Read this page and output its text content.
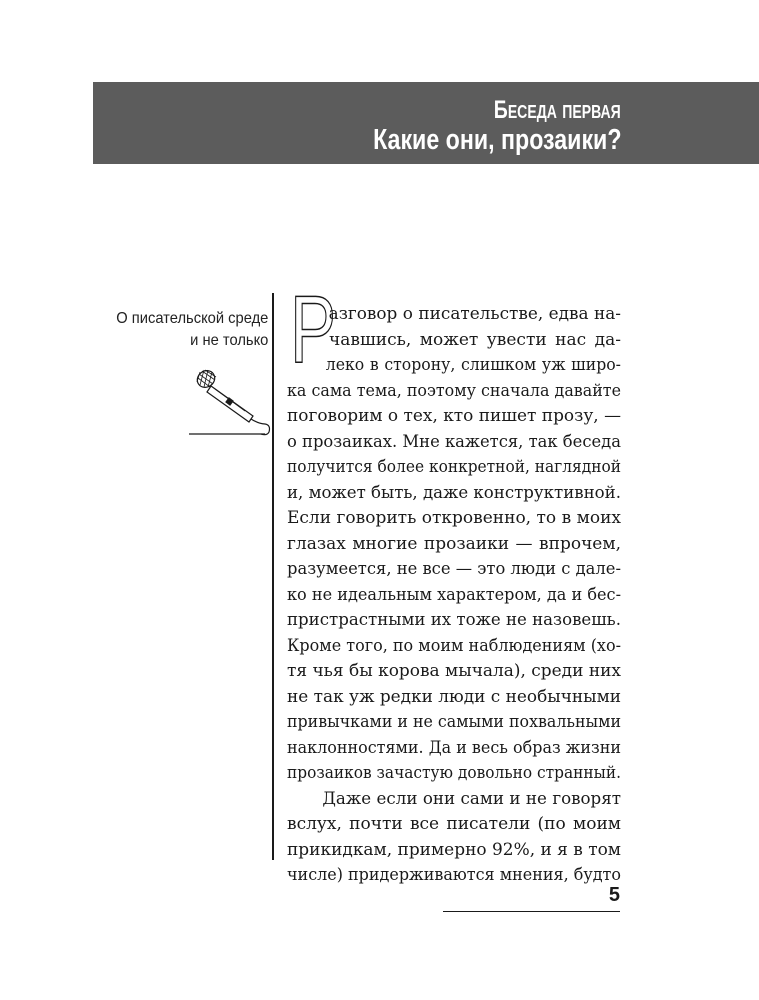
Беседа первая
Какие они, прозаики?
О писательской среде
и не только Р
азговор о писательстве, едва на-
чавшись, может увести нас да-
леко в сторону, слишком уж широ-
ка сама тема, поэтому сначала давайте
поговорим о тех, кто пишет прозу, —
о прозаиках. Мне кажется, так беседа
получится более конкретной, наглядной
и, может быть, даже конструктивной.
Если говорить откровенно, то в моих
глазах многие прозаики — впрочем,
разумеется, не все — это люди с дале-
ко не идеальным характером, да и бес-
пристрастными их тоже не назовешь.
Кроме того, по моим наблюдениям (хо-
тя чья бы корова мычала), среди них
не так уж редки люди с необычными
привычками и не самыми похвальными
наклонностями. Да и весь образ жизни
прозаиков зачастую довольно странный.
Даже если они сами и не говорят
вслух, почти все писатели (по моим
прикидкам, примерно 92%, и я в том
числе) придерживаются мнения, будто
5
